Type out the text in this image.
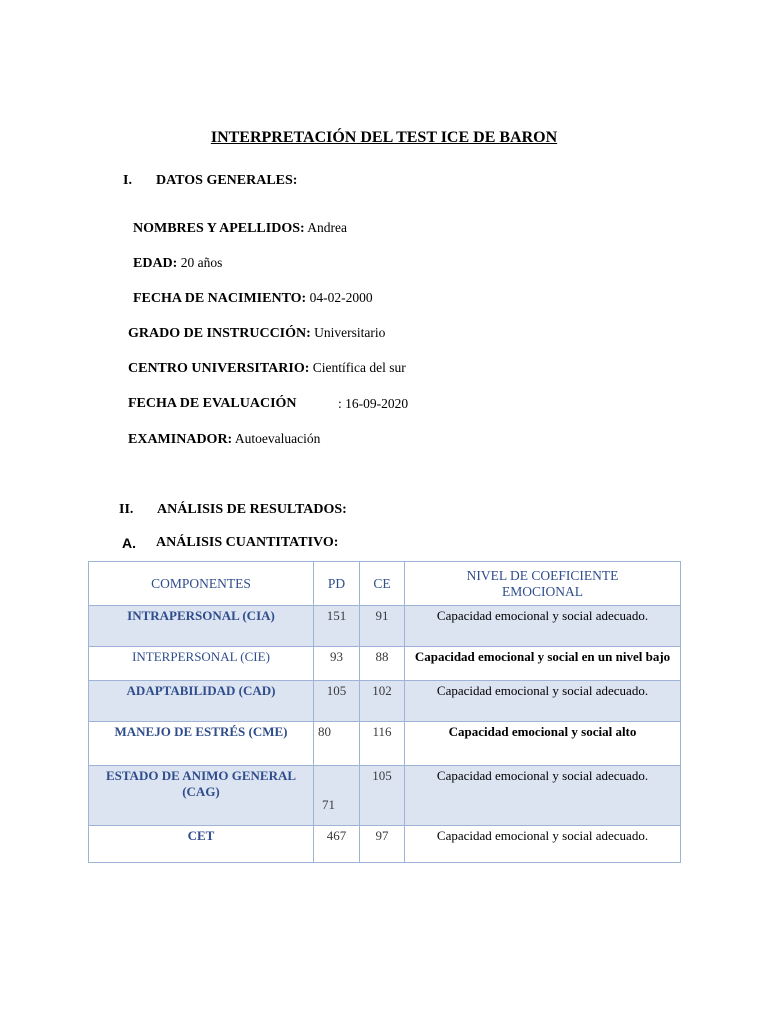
INTERPRETACIÓN DEL TEST ICE DE BARON
I. DATOS GENERALES:
NOMBRES Y APELLIDOS: Andrea
EDAD: 20 años
FECHA DE NACIMIENTO: 04-02-2000
GRADO DE INSTRUCCIÓN: Universitario
CENTRO UNIVERSITARIO: Científica del sur
FECHA DE EVALUACIÓN	: 16-09-2020
EXAMINADOR: Autoevaluación
II. ANÁLISIS DE RESULTADOS:
A. ANÁLISIS CUANTITATIVO:
COMPONENTES	PD	CE	NIVEL DE COEFICIENTE EMOCIONAL
INTRAPERSONAL (CIA)	151	91	Capacidad emocional y social adecuado.
INTERPERSONAL (CIE)	93	88	Capacidad emocional y social en un nivel bajo
ADAPTABILIDAD (CAD)	105	102	Capacidad emocional y social adecuado.
MANEJO DE ESTRÉS (CME)	80	116	Capacidad emocional y social alto
ESTADO DE ANIMO GENERAL (CAG)	71	105	Capacidad emocional y social adecuado.
CET	467	97	Capacidad emocional y social adecuado.
